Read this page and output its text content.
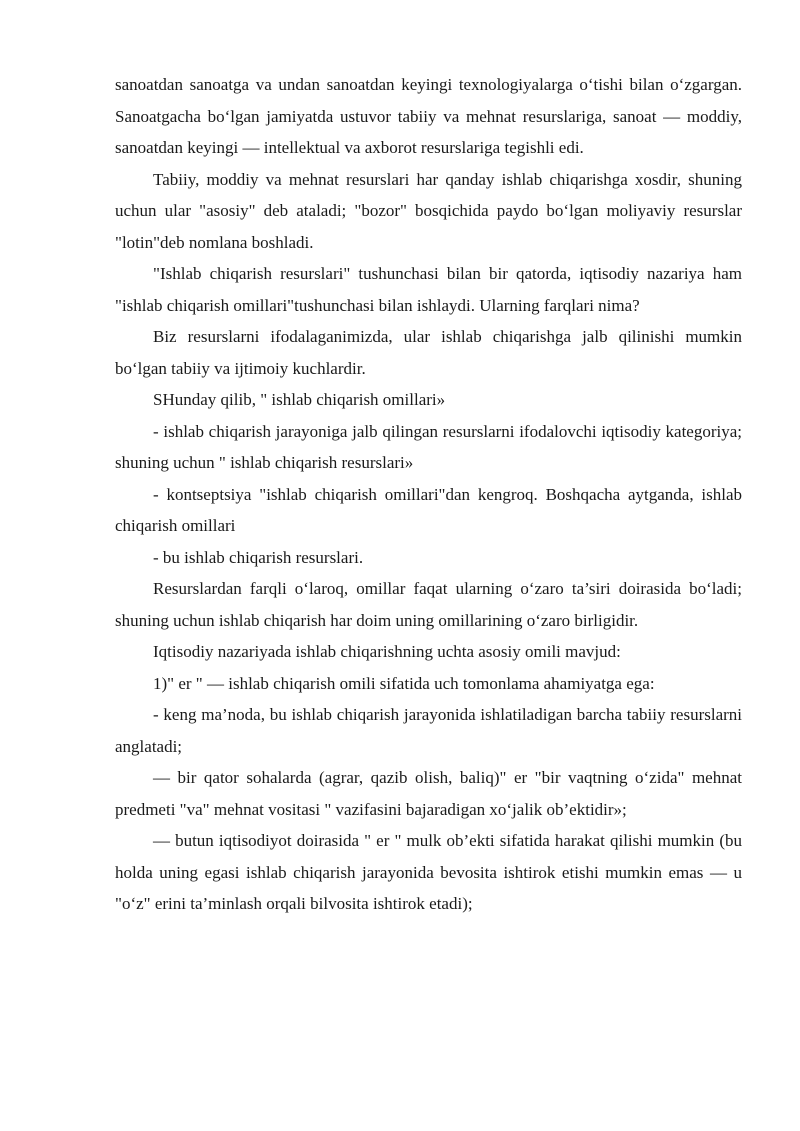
sanoatdan sanoatga va undan sanoatdan keyingi texnologiyalarga o‘tishi bilan o‘zgargan. Sanoatgacha bo‘lgan jamiyatda ustuvor tabiiy va mehnat resurslariga, sanoat — moddiy, sanoatdan keyingi — intellektual va axborot resurslariga tegishli edi.

Tabiiy, moddiy va mehnat resurslari har qanday ishlab chiqarishga xosdir, shuning uchun ular "asosiy" deb ataladi; "bozor" bosqichida paydo bo‘lgan moliyaviy resurslar "lotin"deb nomlana boshladi.

"Ishlab chiqarish resurslari" tushunchasi bilan bir qatorda, iqtisodiy nazariya ham "ishlab chiqarish omillari"tushunchasi bilan ishlaydi. Ularning farqlari nima?

Biz resurslarni ifodalaganimizda, ular ishlab chiqarishga jalb qilinishi mumkin bo‘lgan tabiiy va ijtimoiy kuchlardir.

SHunday qilib, " ishlab chiqarish omillari»

- ishlab chiqarish jarayoniga jalb qilingan resurslarni ifodalovchi iqtisodiy kategoriya; shuning uchun " ishlab chiqarish resurslari»

- kontseptsiya "ishlab chiqarish omillari"dan kengroq. Boshqacha aytganda, ishlab chiqarish omillari

- bu ishlab chiqarish resurslari.

Resurslardan farqli o‘laroq, omillar faqat ularning o‘zaro ta’siri doirasida bo‘ladi; shuning uchun ishlab chiqarish har doim uning omillarining o‘zaro birligidir.

Iqtisodiy nazariyada ishlab chiqarishning uchta asosiy omili mavjud:

1)" er " — ishlab chiqarish omili sifatida uch tomonlama ahamiyatga ega:

- keng ma’noda, bu ishlab chiqarish jarayonida ishlatiladigan barcha tabiiy resurslarni anglatadi;

— bir qator sohalarda (agrar, qazib olish, baliq)" er "bir vaqtning o‘zida" mehnat predmeti "va" mehnat vositasi " vazifasini bajaradigan xo‘jalik ob’ektidir»;

— butun iqtisodiyot doirasida " er " mulk ob’ekti sifatida harakat qilishi mumkin (bu holda uning egasi ishlab chiqarish jarayonida bevosita ishtirok etishi mumkin emas — u "o‘z" erini ta’minlash orqali bilvosita ishtirok etadi);
